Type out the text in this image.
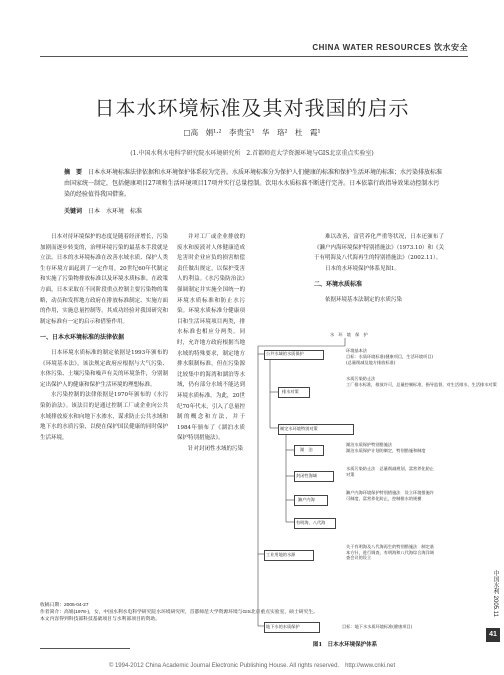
CHINA WATER RESOURCES 饮水安全
日本水环境标准及其对我国的启示
□高　娟¹·²　李贵宝¹　华　珞²　杜　霞¹
(1.中国水利水电科学研究院水环境研究所　2.首都师范大学资源环境与GIS北京重点实验室)
摘　要 日本水环境标准法律依据和水环境保护体系较为完善。水质环境标准分为保护人们健康的标准和保护生活环境的标准；水污染排放标准由国家统一制定，包括健康项目27项和生活环境项目17项并实行总量控制。饮用水水质标准不断进行完善。日本依靠行政指导效果动控制水污染的经验值得我国借鉴。
关键词 日本　水环境　标准

日本对待环境保护的态度是随着经济增长，污染加剧而逐步转变的，治理环境污染的最基本手段就是立法。日本的水环境标准在改善水域水质、保护人类生存环境方面起到了一定作用，20世纪60年代制定和实施了污染物排放标准以及环境水质标准。在政策方面，日本采取在不同阶段重点控制主要污染物的策略，动员和发挥地方政府在排放标准制定、实施方面的作用，实施总量控制等。其成功经验对我国研究和制定标准有一定的启示和借鉴作用。

一、日本水环境标准的法律依据

日本环境水质标准的制定依据是1993年颁布的《环境基本法》，该法规定政府应根据与大气污染、水体污染、土壤污染和噪声有关的环境条件，分别制定出保护人的健康和保护生活环境的理想标准。

水污染控制的法律依据是1970年颁布的《水污染防治法》。该法目的是通过控制工厂或企业向公共水域排放废水和向地下水渗水，谋求防止公共水域和地下水的水质污染，以便在保护国民健康的同时保护生活环境，

并对工厂或企业排放的废水和废液对人体健康造成危害时企业应负的损害赔偿责任做出规定，以保护受害人的利益。《水污染防治法》强调制定并实施全国统一的环境水质标准和防止水污染。环境水质标准分健康项目和生活环境项目两类，排水标准也相应分两类。同时，允许地方政府根据当地水域的特殊要求，制定地方排水限制标准，但在污染源比较集中的海湾和湖泊等水域，仍有部分水域不能达到环境水质标准。为此，20世纪70年代末，引入了总量控制的概念和方法，并于1984年颁布了《湖泊水质保护特别措施法》。

针对封闭性水域的污染

难以改善，富营养化严重等状况，日本还颁布了《濑户内海环境保护特别措施法》（1973.10）和《关于有明海及八代海再生的特别措施法》（2002.11）。

日本的水环境保护体系见图1。

二、环境水质标准

依据环境基本法制定的水质污染

水　环　境　保　护
公共水域的水质保护
环境基本法
目标：水质环境标准(健康项目，生活环境项目)
(总量削减及地方排放标准)
排水对策
水质污染防止法
工厂排水标准，排放许可，总量控制标准，指导监督，对生活排水，生活排水对策
制定水环境特别对策
湖　泊
湖泊水质保护特别措施法
湖泊水质保护计划的制定，特别措施和制度
封闭性海域
水质污染防止法　总量削减规划，富营养化防止对策
濑户内海
濑户内海环境保护特别措施法　设立环境措施许可制度，富营养化防止，控制排水的规模
有明海，八代海
工业用地的水源
关于有明海及八代海再生的特别措施法　制定基本方针，进行调查，有明海和八代海综合海洋调查会议的设立
地下水的水质保护	目标：地下水水质环境标准(健康项目)
收稿日期：2005-04-27
作者简介：高娟(1978-)，女，中国水利水电科学研究院水环境研究所，首都师范大学资源环境与GIS北京重点实验室，硕士研究生。
本文内容得到科技部科技基础项目与水利部项目的资助。
图1　日本水环境保护体系
中国水利 2005.11
41
© 1994-2012 China Academic Journal Electronic Publishing House. All rights reserved.　http://www.cnki.net
